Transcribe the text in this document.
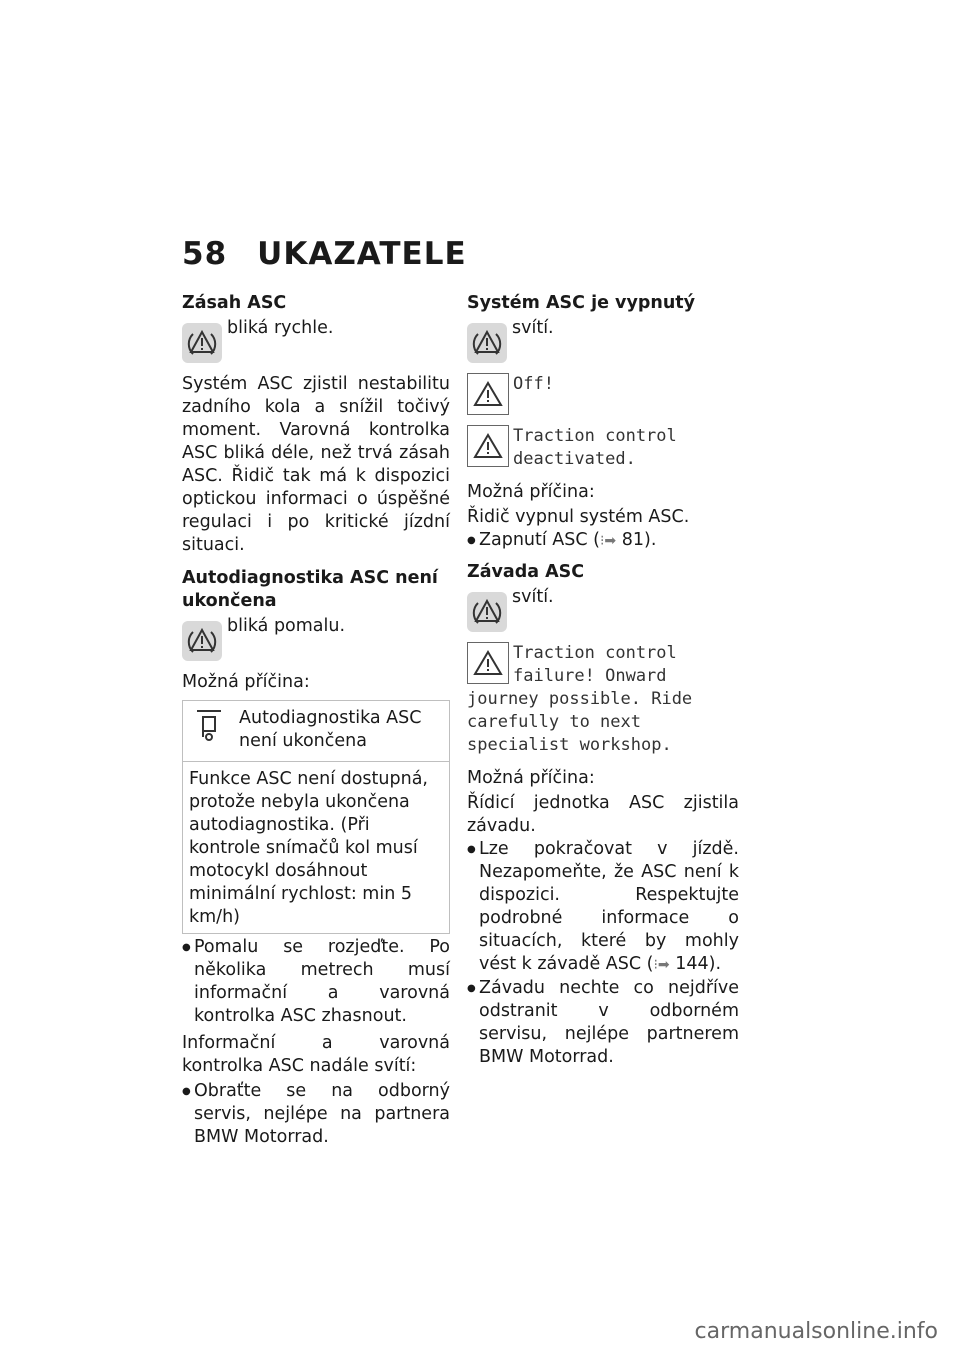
58 UKAZATELE
Zásah ASC
bliká rychle.

Systém ASC zjistil nestabilitu zadního kola a snížil točivý moment. Varovná kontrolka ASC bliká déle, než trvá zásah ASC. Řidič tak má k dispozici optickou informaci o úspěšné regulaci i po kritické jízdní situaci.

Autodiagnostika ASC není ukončena
bliká pomalu.

Možná příčina:

Autodiagnostika ASC není ukončena
Funkce ASC není dostupná, protože nebyla ukončena autodiagnostika. (Při kontrole snímačů kol musí motocykl dosáhnout minimální rychlost: min 5 km/h)
● Pomalu se rozjeďte. Po několika metrech musí informační a varovná kontrolka ASC zhasnout.

Informační a varovná kontrolka ASC nadále svítí:

● Obraťte se na odborný servis, nejlépe na partnera BMW Motorrad.
Systém ASC je vypnutý
svítí.
Off!
Traction control deactivated.

Možná příčina:

Řidič vypnul systém ASC.

● Zapnutí ASC (⁝➡ 81).
Závada ASC
svítí.
Traction control failure! Onward
journey possible. Ride carefully to next specialist workshop.

Možná příčina:

Řídicí jednotka ASC zjistila závadu.

● Lze pokračovat v jízdě. Nezapomeňte, že ASC není k dispozici. Respektujte podrobné informace o situacích, které by mohly vést k závadě ASC (⁝➡ 144).
● Závadu nechte co nejdříve odstranit v odborném servisu, nejlépe partnerem BMW Motorrad.
carmanualsonline.info
